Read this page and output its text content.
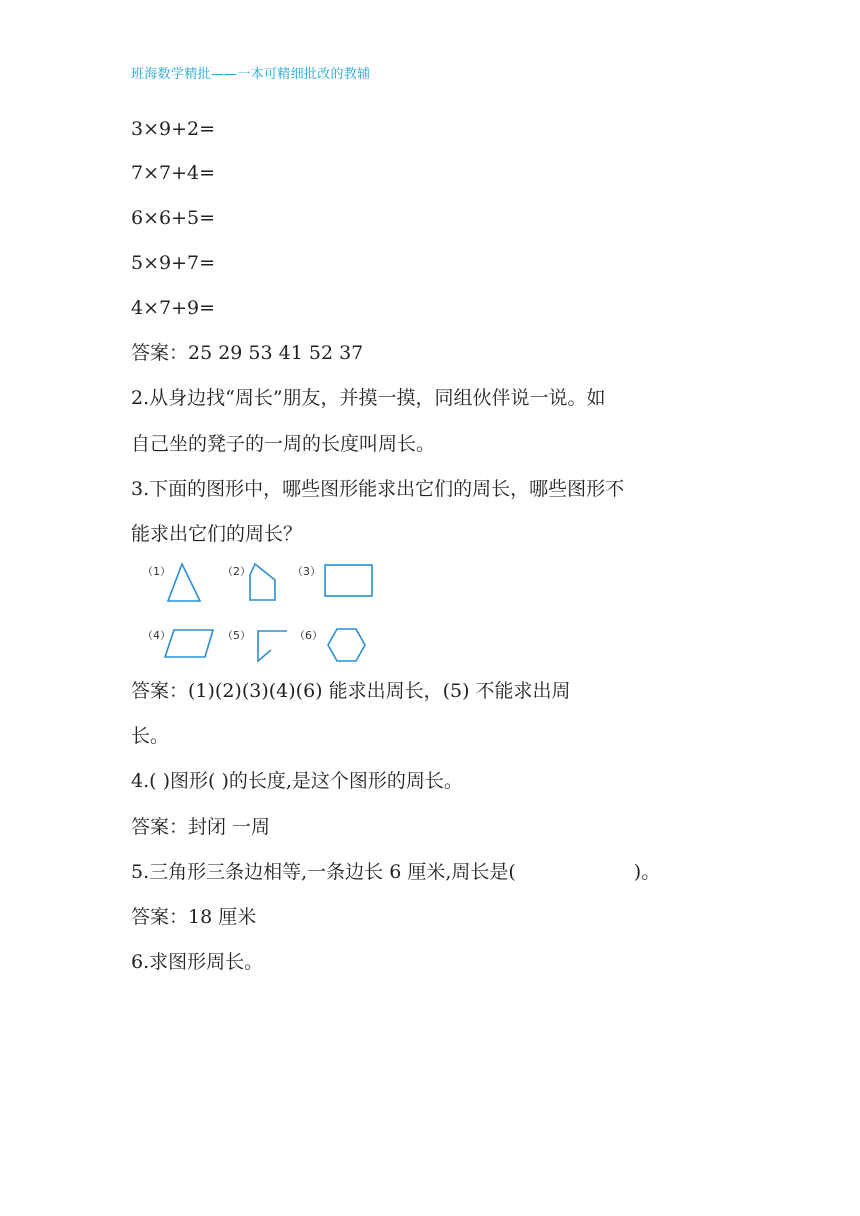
班海数学精批——一本可精细批改的教辅
3×9+2=
7×7+4=
6×6+5=
5×9+7=
4×7+9=
答案：25 29 53 41 52 37
2.从身边找“周长”朋友，并摸一摸，同组伙伴说一说。如
自己坐的凳子的一周的长度叫周长。
3.下面的图形中，哪些图形能求出它们的周长，哪些图形不
能求出它们的周长？
（1）	（2）	（3）
（4）	（5）	（6）
答案：(1)(2)(3)(4)(6) 能求出周长，(5) 不能求出周
长。
4.( )图形( )的长度,是这个图形的周长。
答案：封闭 一周
5.三角形三条边相等,一条边长 6 厘米,周长是(	)。
答案：18 厘米
6.求图形周长。
